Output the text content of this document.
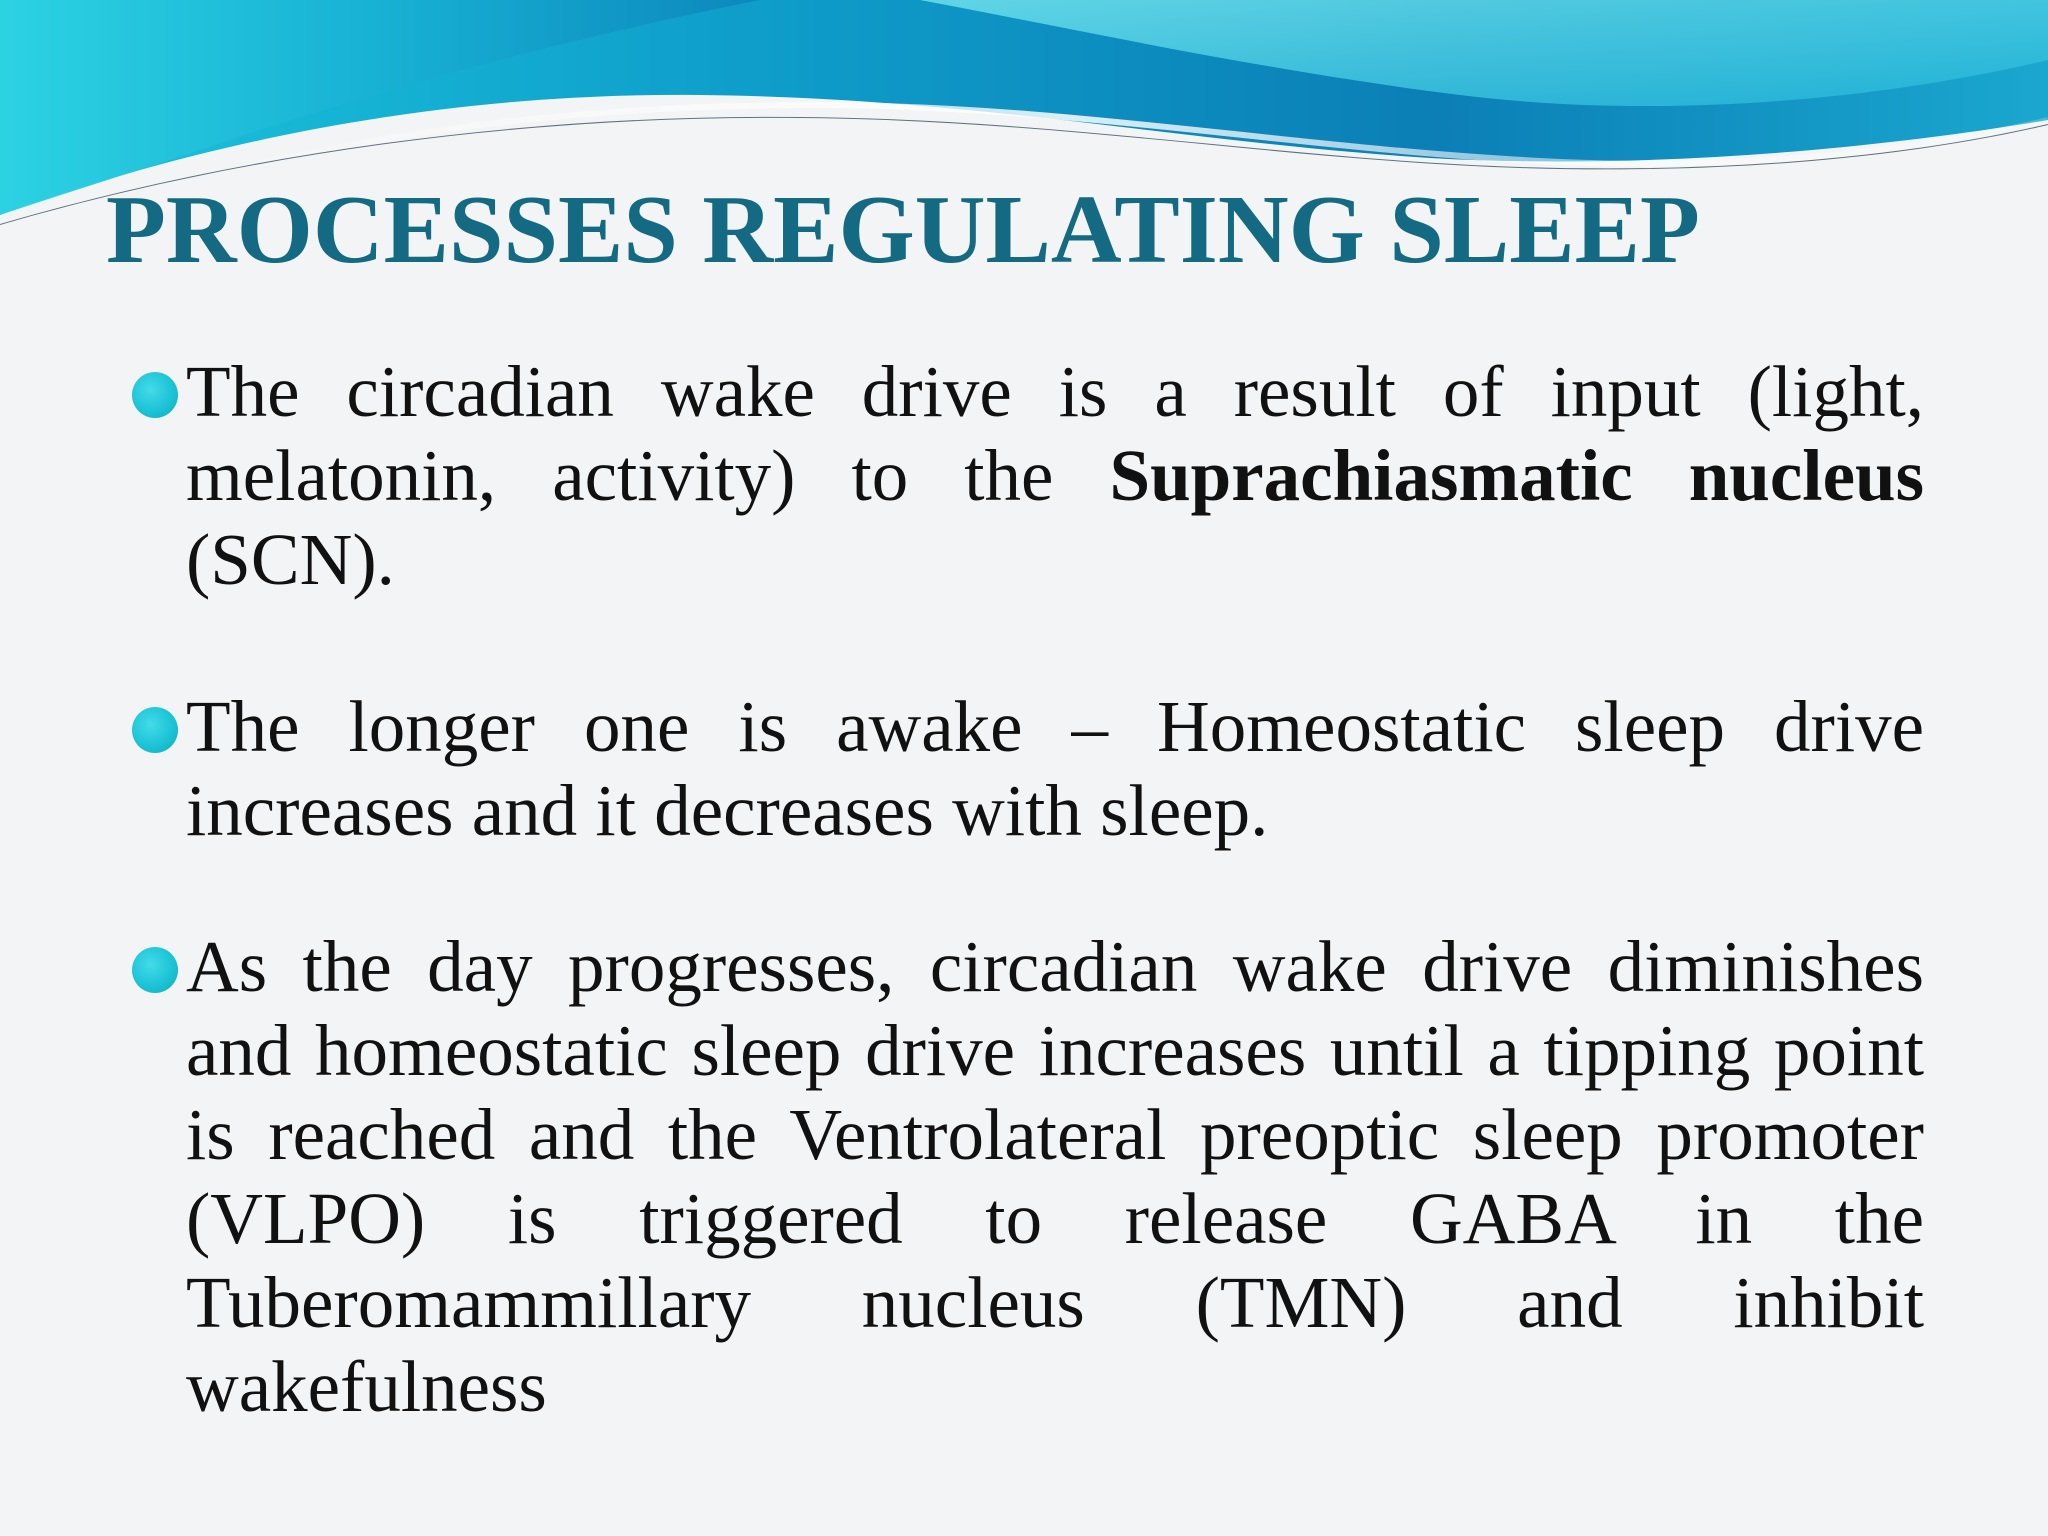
PROCESSES REGULATING SLEEP

The circadian wake drive is a result of input (light, melatonin, activity) to the Suprachiasmatic nucleus (SCN).

The longer one is awake – Homeostatic sleep drive increases and it decreases with sleep.

As the day progresses, circadian wake drive diminishes and homeostatic sleep drive increases until a tipping point is reached and the Ventrolateral preoptic sleep promoter (VLPO) is triggered to release GABA in the Tuberomammillary nucleus (TMN) and inhibit wakefulness
